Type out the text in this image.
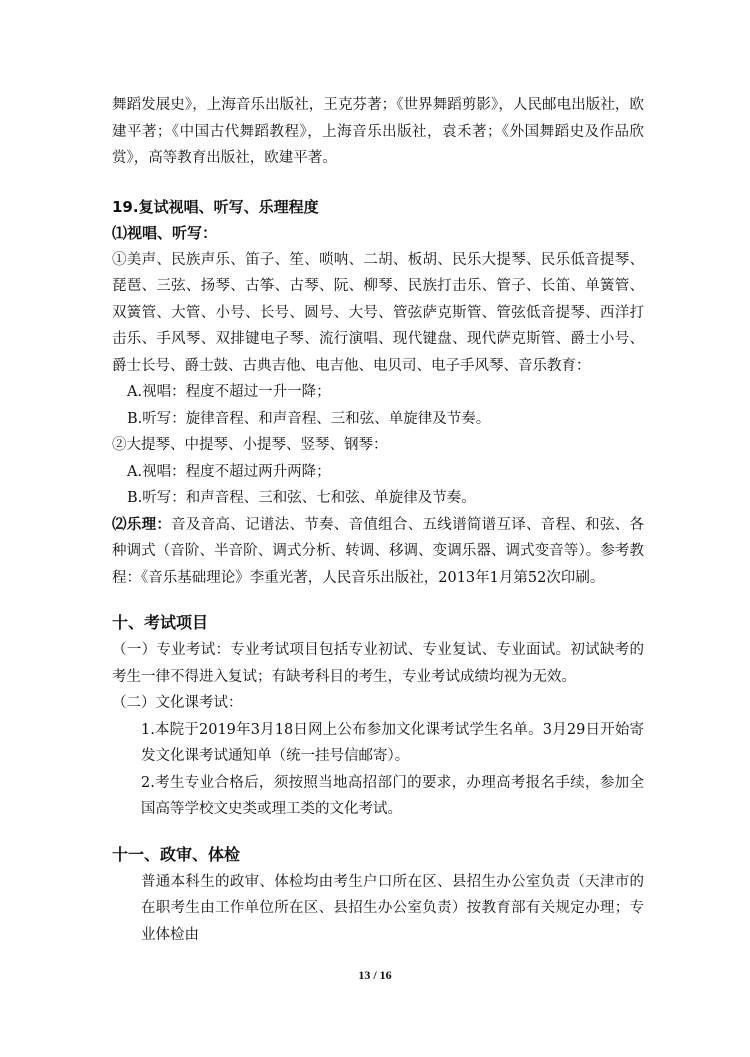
舞蹈发展史》，上海音乐出版社，王克芬著；《世界舞蹈剪影》，人民邮电出版社，欧建平著；《中国古代舞蹈教程》，上海音乐出版社，袁禾著；《外国舞蹈史及作品欣赏》，高等教育出版社，欧建平著。

19.复试视唱、听写、乐理程度

⑴视唱、听写：

①美声、民族声乐、笛子、笙、唢呐、二胡、板胡、民乐大提琴、民乐低音提琴、琵琶、三弦、扬琴、古筝、古琴、阮、柳琴、民族打击乐、管子、长笛、单簧管、双簧管、大管、小号、长号、圆号、大号、管弦萨克斯管、管弦低音提琴、西洋打击乐、手风琴、双排键电子琴、流行演唱、现代键盘、现代萨克斯管、爵士小号、爵士长号、爵士鼓、古典吉他、电吉他、电贝司、电子手风琴、音乐教育：

A.视唱：程度不超过一升一降；

B.听写：旋律音程、和声音程、三和弦、单旋律及节奏。

②大提琴、中提琴、小提琴、竖琴、钢琴：

A.视唱：程度不超过两升两降；

B.听写：和声音程、三和弦、七和弦、单旋律及节奏。

⑵乐理：音及音高、记谱法、节奏、音值组合、五线谱简谱互译、音程、和弦、各种调式（音阶、半音阶、调式分析、转调、移调、变调乐器、调式变音等）。参考教程：《音乐基础理论》李重光著，人民音乐出版社，2013年1月第52次印刷。

十、考试项目

（一）专业考试：专业考试项目包括专业初试、专业复试、专业面试。初试缺考的考生一律不得进入复试；有缺考科目的考生，专业考试成绩均视为无效。

（二）文化课考试：

1.本院于2019年3月18日网上公布参加文化课考试学生名单。3月29日开始寄发文化课考试通知单（统一挂号信邮寄）。

2.考生专业合格后，须按照当地高招部门的要求，办理高考报名手续，参加全国高等学校文史类或理工类的文化考试。

十一、政审、体检

普通本科生的政审、体检均由考生户口所在区、县招生办公室负责（天津市的在职考生由工作单位所在区、县招生办公室负责）按教育部有关规定办理；专业体检由

13 / 16
